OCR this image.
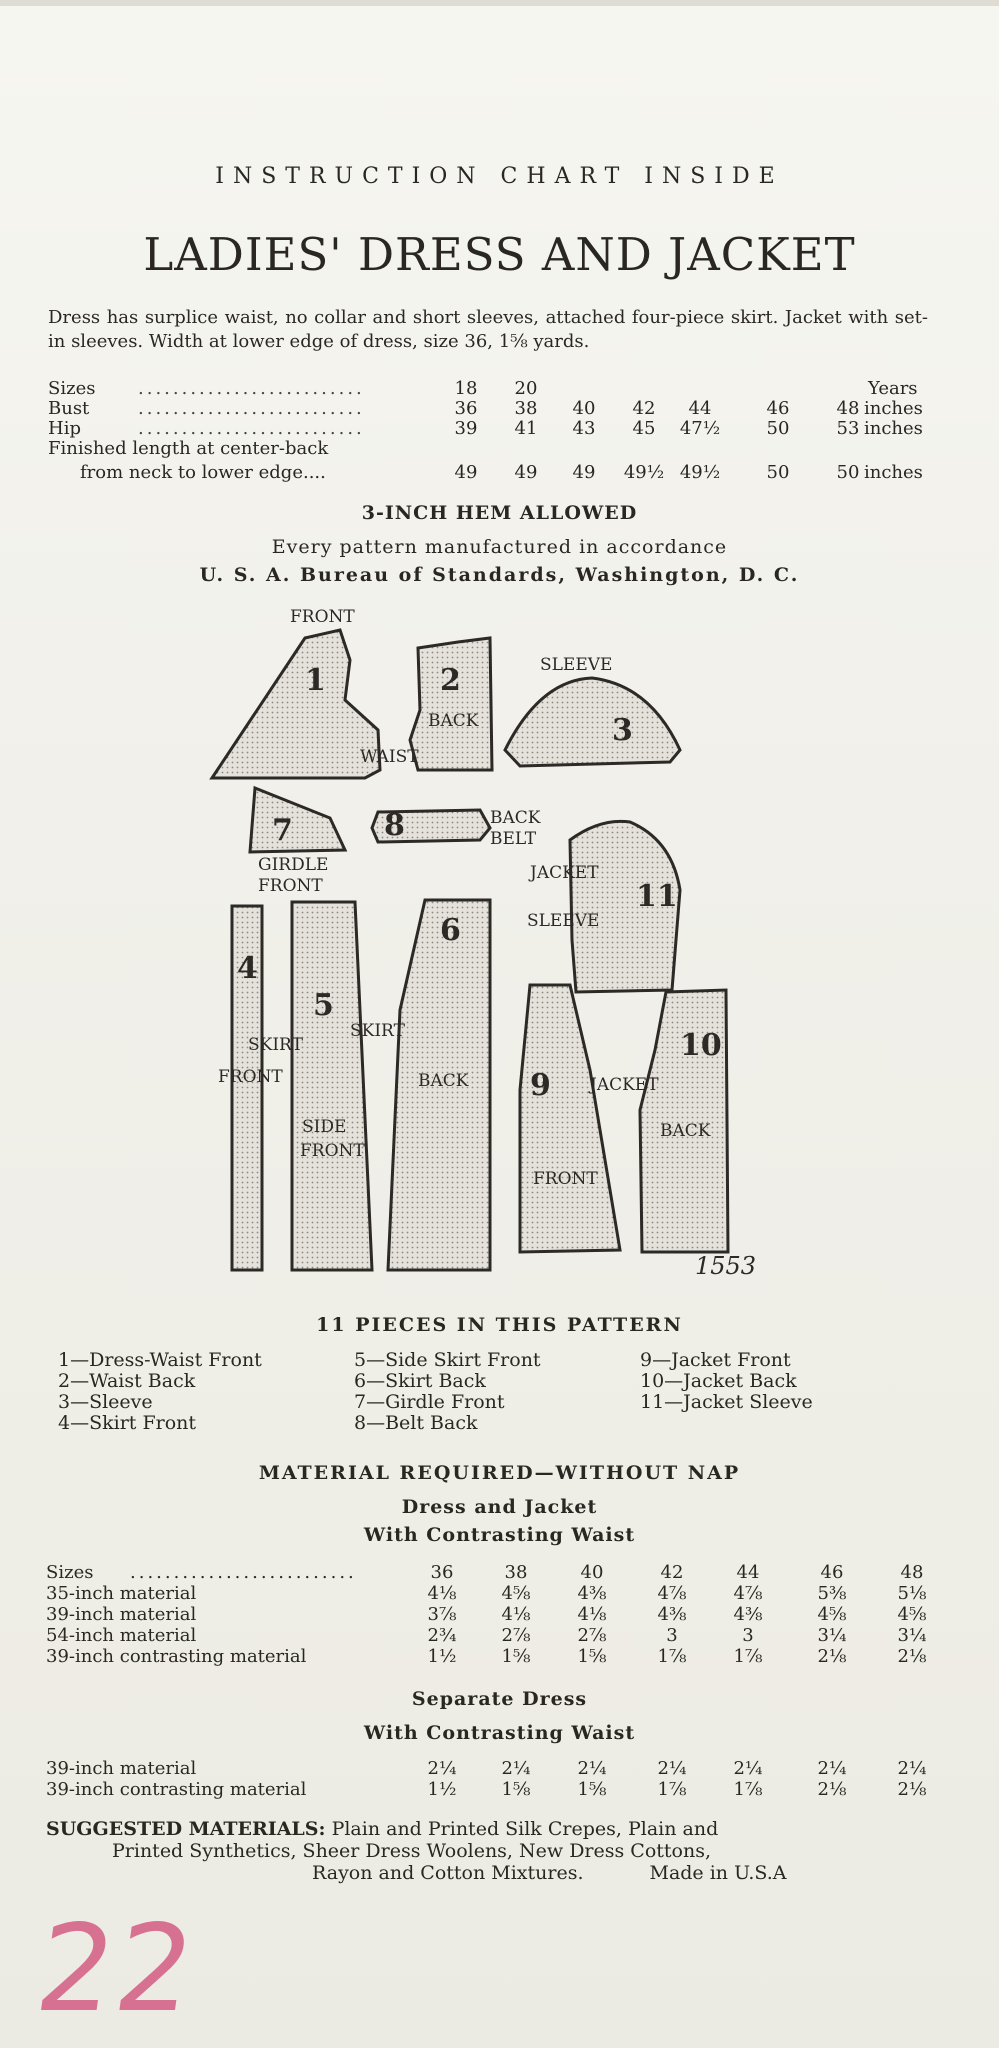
INSTRUCTION CHART INSIDE
LADIES' DRESS AND JACKET
Dress has surplice waist, no collar and short sleeves, attached four-piece skirt. Jacket with set-in sleeves. Width at lower edge of dress, size 36, 1⅝ yards.
Sizes ..........................	18	20	Years
Bust	..........................	36	38	40	42	44	46	48 inches
Hip	..........................	39	41	43	45	47½	50	53 inches
Finished length at center-back
from neck to lower edge....	49	49	49	49½ 49½	50	50 inches
3-INCH HEM ALLOWED
Every pattern manufactured in accordance
U. S. A. Bureau of Standards, Washington, D. C.
1	2
3
4
5
6
7	8
9
10
11
FRONT
BACK
WAIST
SLEEVE
GIRDLE
FRONT
BACK
BELT
JACKET
SLEEVE
SKIRT
FRONT
SKIRT
SIDE
FRONT
BACK	JACKET
FRONT
BACK
1553
11 PIECES IN THIS PATTERN
1—Dress-Waist Front
2—Waist Back
3—Sleeve
4—Skirt Front
5—Side Skirt Front
6—Skirt Back
7—Girdle Front
8—Belt Back
9—Jacket Front
10—Jacket Back
11—Jacket Sleeve
MATERIAL REQUIRED—WITHOUT NAP
Dress and Jacket
With Contrasting Waist
Sizes ..........................	36	38	40	42	44	46	48
35-inch material	4⅛	4⅝	4⅜	4⅞	4⅞	5⅜	5⅛
39-inch material	3⅞	4⅛	4⅛	4⅜	4⅜	4⅝	4⅝
54-inch material	2¾	2⅞	2⅞	3	3	3¼	3¼
39-inch contrasting material	1½	1⅝	1⅝	1⅞	1⅞	2⅛	2⅛
Separate Dress
With Contrasting Waist
39-inch material	2¼	2¼	2¼	2¼	2¼	2¼	2¼
39-inch contrasting material	1½	1⅝	1⅝	1⅞	1⅞	2⅛	2⅛
SUGGESTED MATERIALS: Plain and Printed Silk Crepes, Plain and
Printed Synthetics, Sheer Dress Woolens, New Dress Cottons,
Rayon and Cotton Mixtures.	Made in U.S.A
22
